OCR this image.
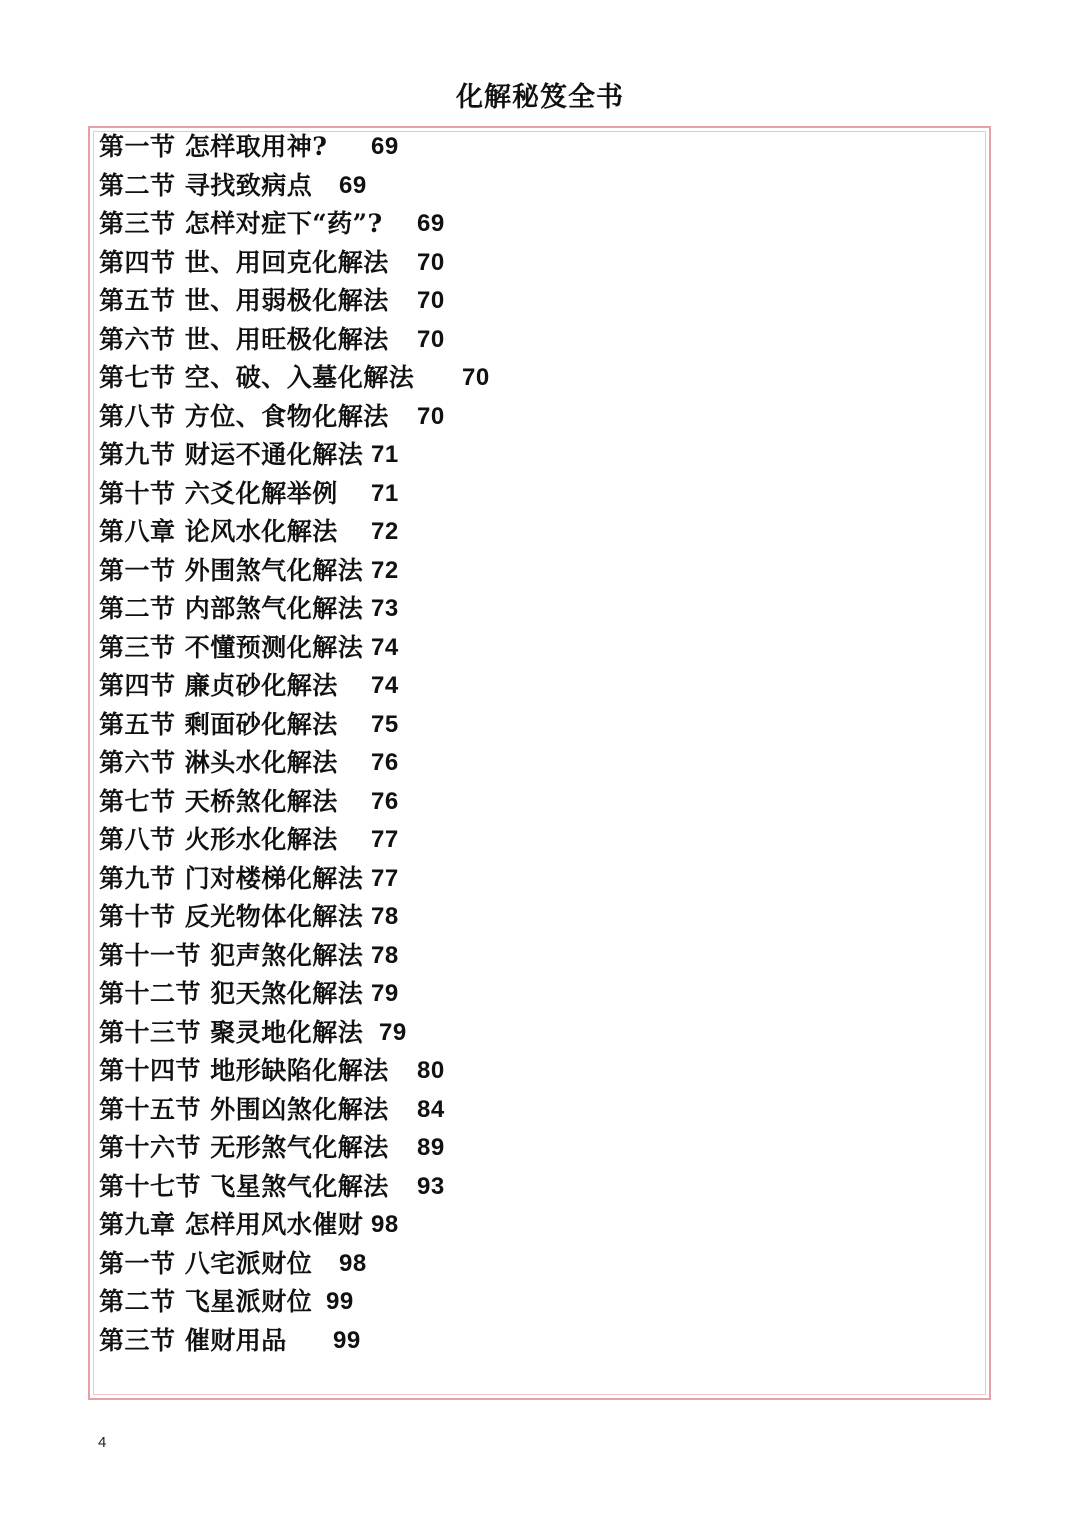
化解秘笈全书
第一节 怎样取用神? 69
第二节 寻找致病点 69
第三节 怎样对症下“药”? 69
第四节 世、用回克化解法 70
第五节 世、用弱极化解法 70
第六节 世、用旺极化解法 70
第七节 空、破、入墓化解法 70
第八节 方位、食物化解法 70
第九节 财运不通化解法 71
第十节 六爻化解举例 71
第八章 论风水化解法 72
第一节 外围煞气化解法 72
第二节 内部煞气化解法 73
第三节 不懂预测化解法 74
第四节 廉贞砂化解法 74
第五节 剩面砂化解法 75
第六节 淋头水化解法 76
第七节 天桥煞化解法 76
第八节 火形水化解法 77
第九节 门对楼梯化解法 77
第十节 反光物体化解法 78
第十一节 犯声煞化解法 78
第十二节 犯天煞化解法 79
第十三节 聚灵地化解法 79
第十四节 地形缺陷化解法 80
第十五节 外围凶煞化解法 84
第十六节 无形煞气化解法 89
第十七节 飞星煞气化解法 93
第九章 怎样用风水催财 98
第一节 八宅派财位 98
第二节 飞星派财位 99
第三节 催财用品 99
4
